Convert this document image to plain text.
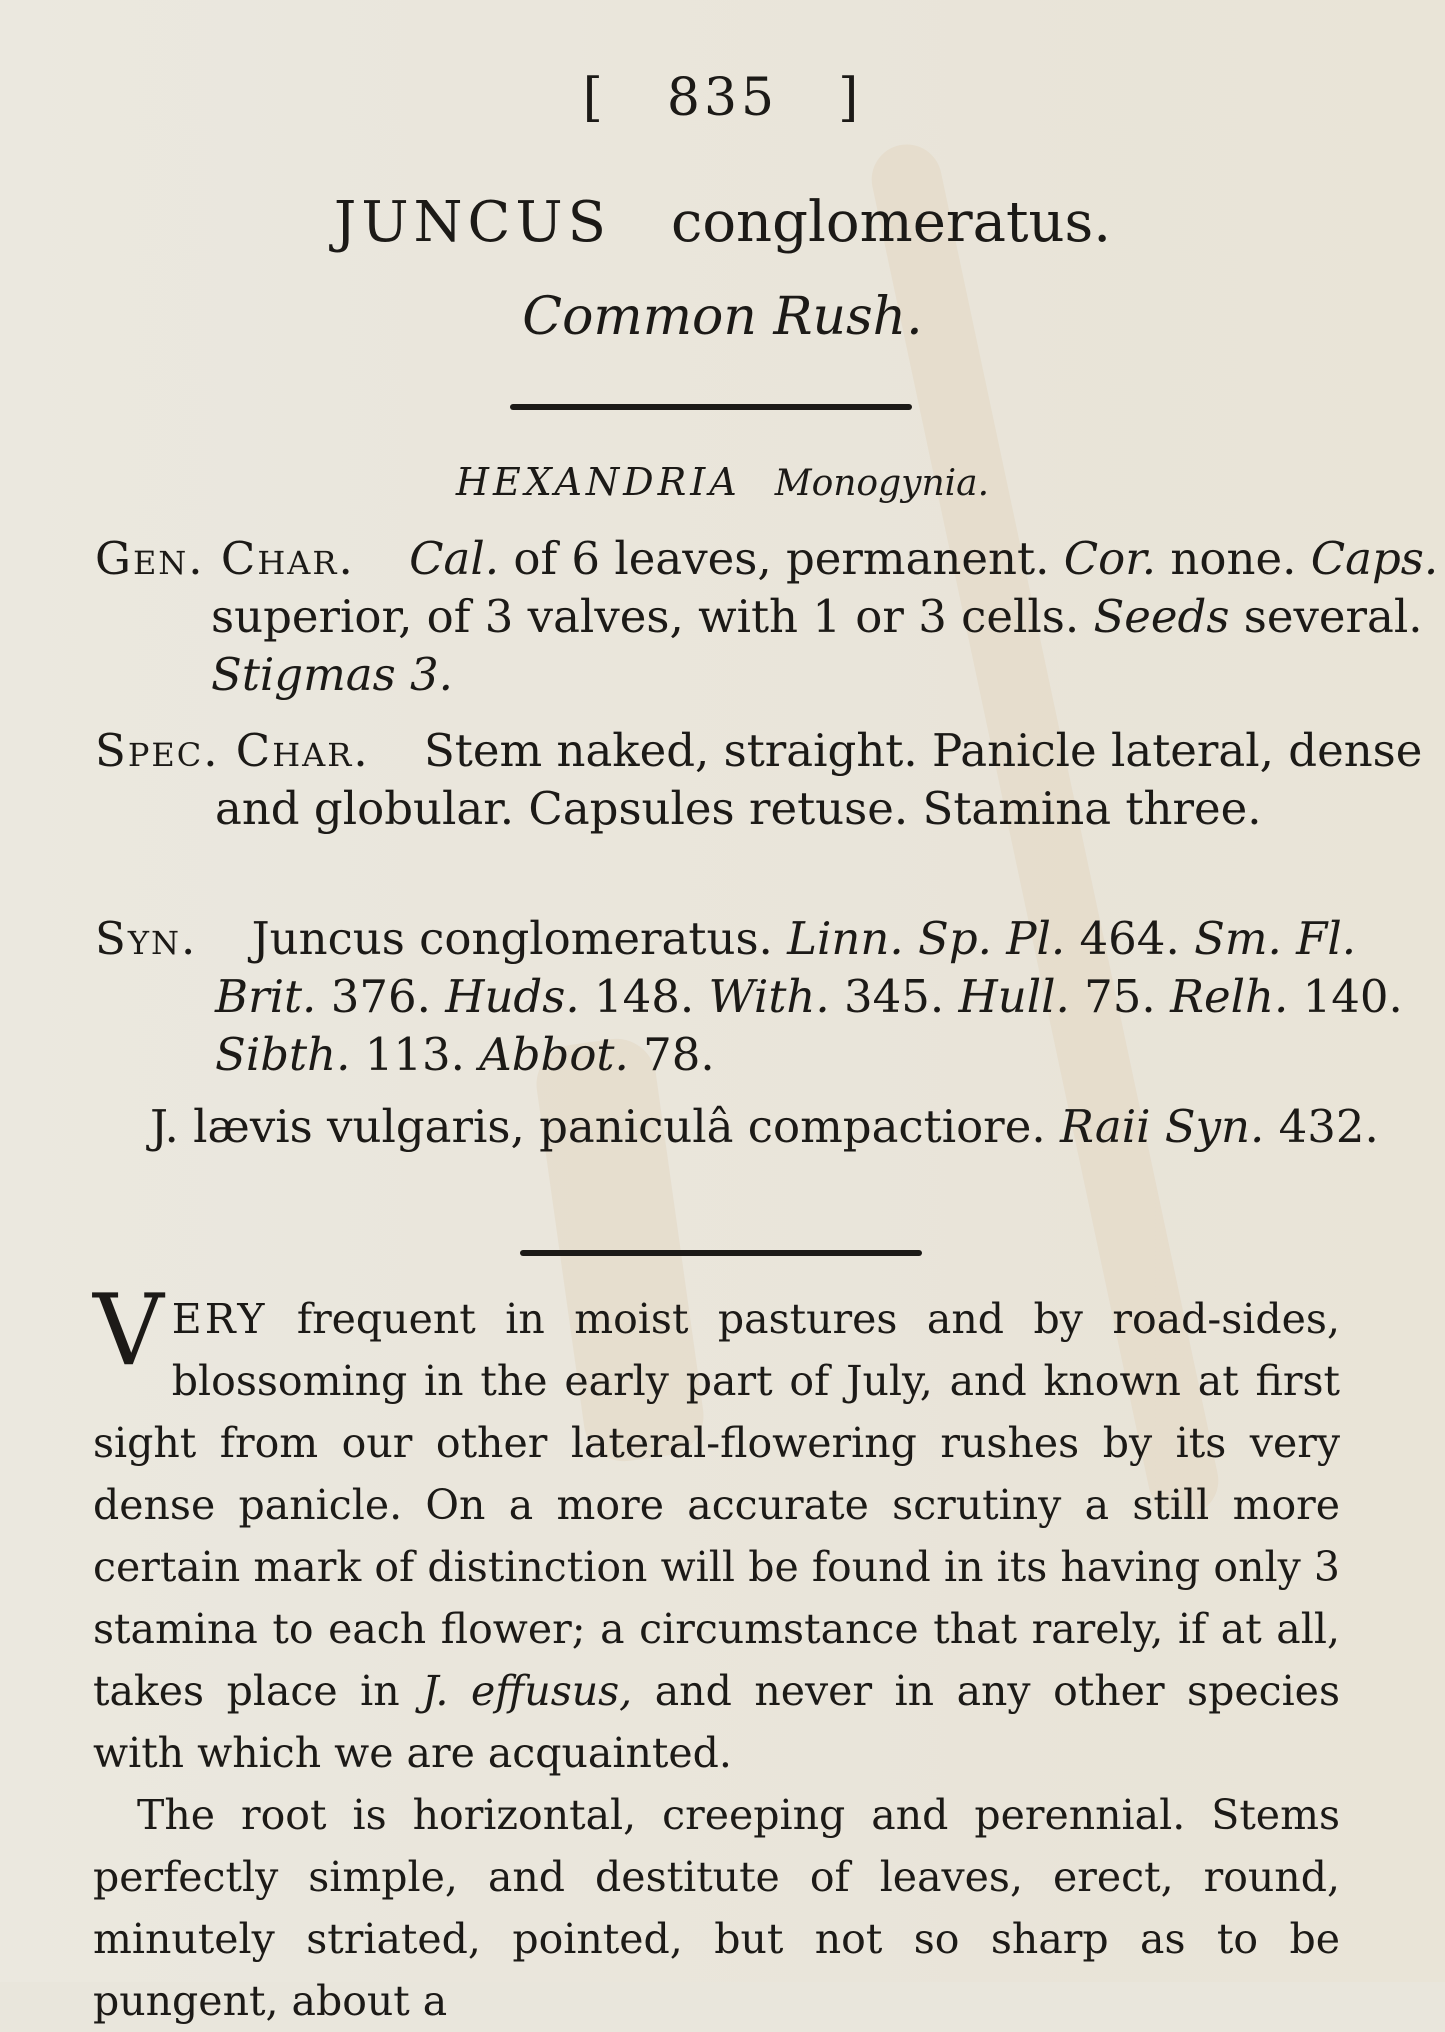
[ 835 ]
JUNCUS conglomeratus.
Common Rush.
HEXANDRIA Monogynia.
Gen. Char. Cal. of 6 leaves, permanent. Cor. none. Caps. superior, of 3 valves, with 1 or 3 cells. Seeds several. Stigmas 3.
Spec. Char. Stem naked, straight. Panicle lateral, dense and globular. Capsules retuse. Stamina three.
Syn. Juncus conglomeratus. Linn. Sp. Pl. 464. Sm. Fl. Brit. 376. Huds. 148. With. 345. Hull. 75. Relh. 140. Sibth. 113. Abbot. 78.
J. lævis vulgaris, paniculâ compactiore. Raii Syn. 432.

VERY frequent in moist pastures and by road-sides, blossoming in the early part of July, and known at first sight from our other lateral-flowering rushes by its very dense panicle. On a more accurate scrutiny a still more certain mark of distinction will be found in its having only 3 stamina to each flower; a circumstance that rarely, if at all, takes place in J. effusus, and never in any other species with which we are acquainted.

The root is horizontal, creeping and perennial. Stems perfectly simple, and destitute of leaves, erect, round, minutely striated, pointed, but not so sharp as to be pungent, about a
